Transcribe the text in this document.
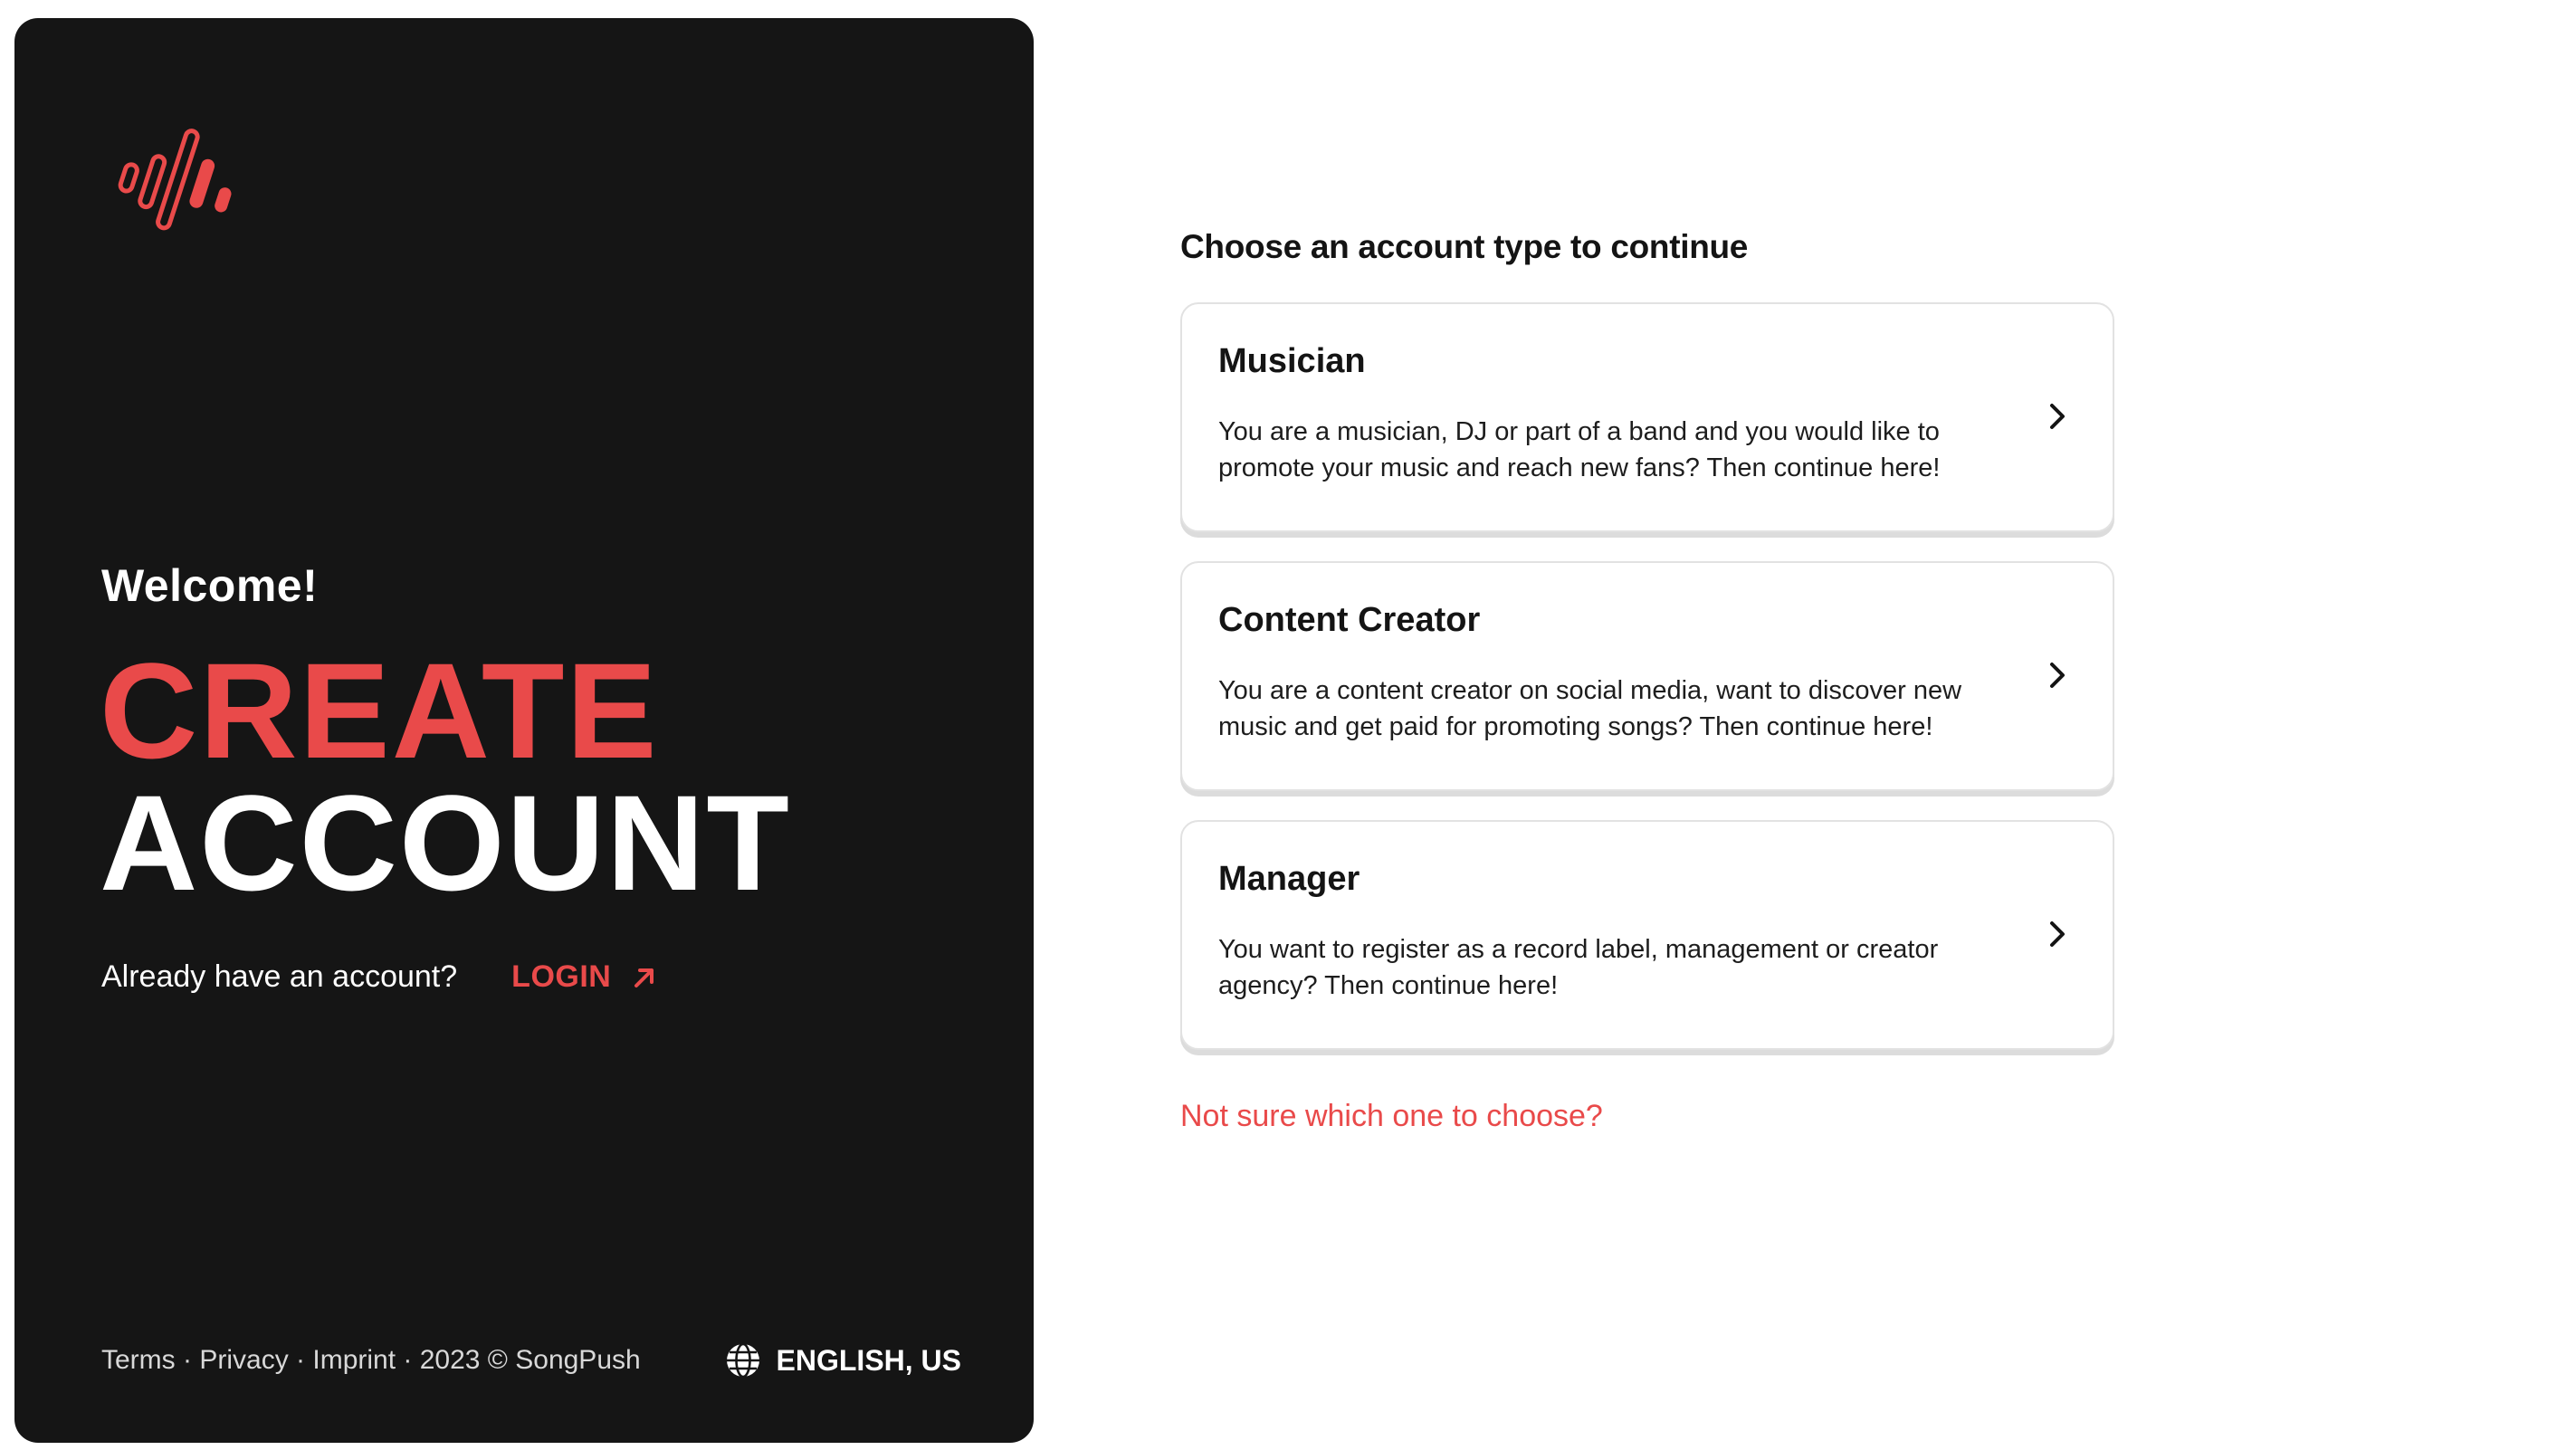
Welcome!
CREATE
ACCOUNT
Already have an account? LOGIN
Terms · Privacy · Imprint · 2023 © SongPush	ENGLISH, US
Choose an account type to continue
Musician
You are a musician, DJ or part of a band and you would like to promote your music and reach new fans? Then continue here!
Content Creator
You are a content creator on social media, want to discover new music and get paid for promoting songs? Then continue here!
Manager
You want to register as a record label, management or creator agency? Then continue here!
Not sure which one to choose?
